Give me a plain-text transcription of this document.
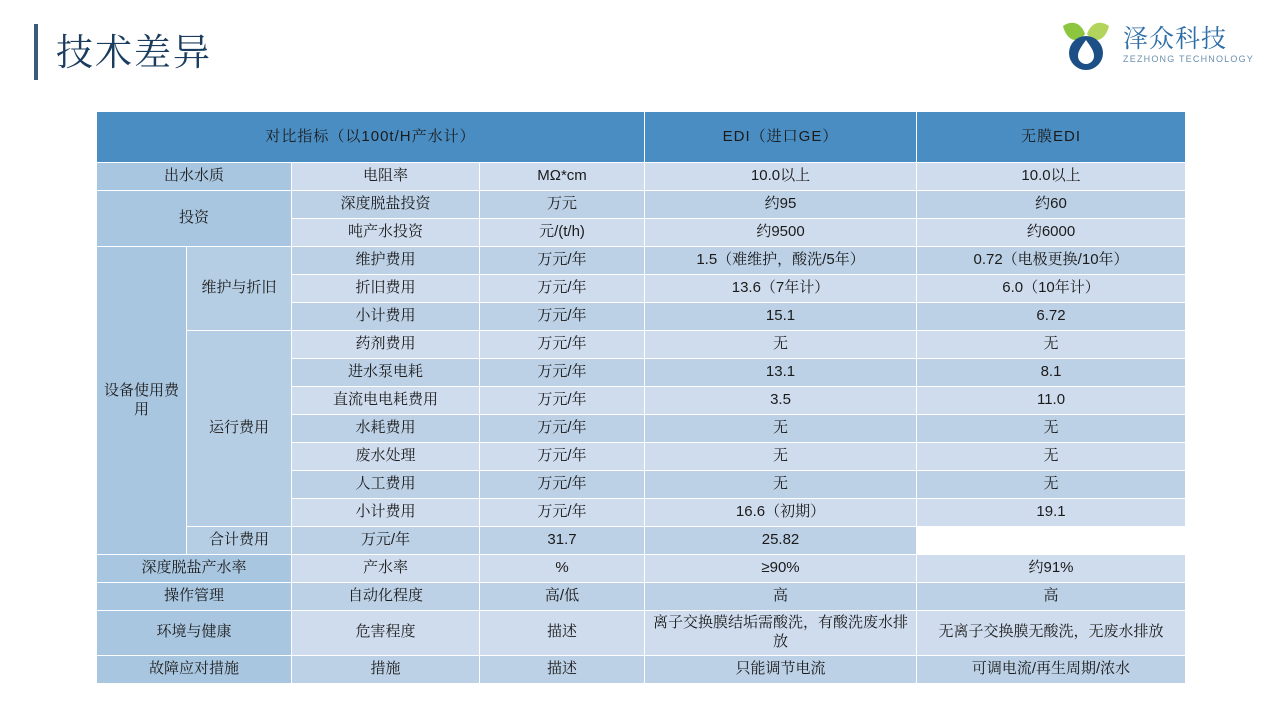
技术差异	泽众科技
ZEZHONG TECHNOLOGY
对比指标（以100t/H产水计）				EDI（进口GE）	无膜EDI
出水水质		电阻率	MΩ*cm	10.0以上	10.0以上
投资		深度脱盐投资	万元	约95	约60
		吨产水投资	元/(t/h)	约9500	约6000
设备使用费用	维护与折旧	维护费用	万元/年	1.5（难维护，酸洗/5年）	0.72（电极更换/10年）
		折旧费用	万元/年	13.6（7年计）	6.0（10年计）
		小计费用	万元/年	15.1	6.72
	运行费用	药剂费用	万元/年	无	无
		进水泵电耗	万元/年	13.1	8.1
		直流电电耗费用	万元/年	3.5	11.0
		水耗费用	万元/年	无	无
		废水处理	万元/年	无	无
		人工费用	万元/年	无	无
		小计费用	万元/年	16.6（初期）	19.1
	合计费用	万元/年	31.7	25.82	
深度脱盐产水率		产水率	%	≥90%	约91%
操作管理		自动化程度	高/低	高	高
环境与健康		危害程度	描述	离子交换膜结垢需酸洗，有酸洗废水排放	无离子交换膜无酸洗，无废水排放
故障应对措施		措施	描述	只能调节电流	可调电流/再生周期/浓水
